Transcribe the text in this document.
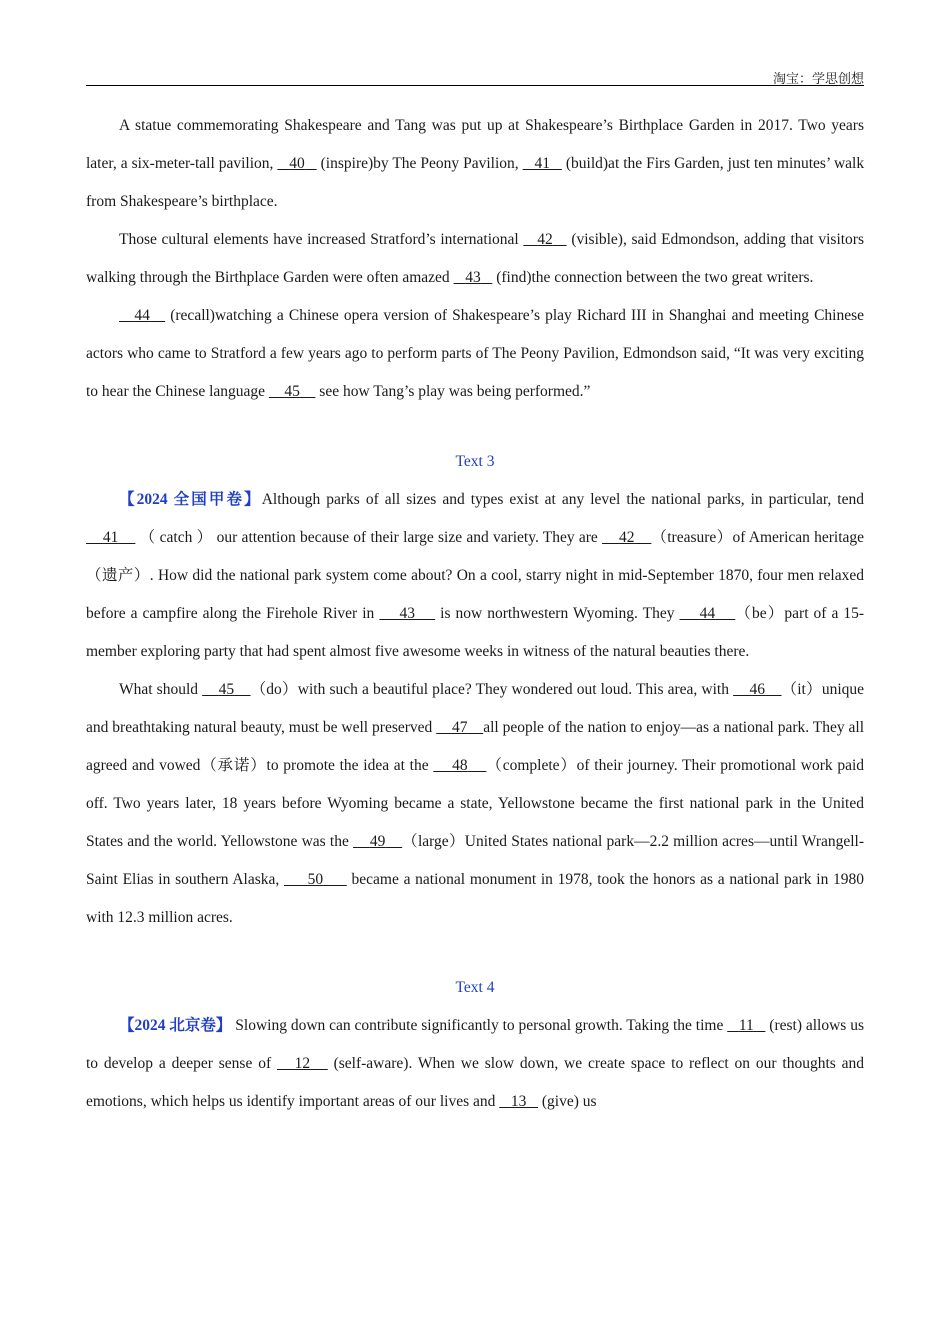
淘宝：学思创想

A statue commemorating Shakespeare and Tang was put up at Shakespeare’s Birthplace Garden in 2017. Two years later, a six-meter-tall pavilion, 40 (inspire)by The Peony Pavilion, 41 (build)at the Firs Garden, just ten minutes’ walk from Shakespeare’s birthplace.

Those cultural elements have increased Stratford’s international 42 (visible), said Edmondson, adding that visitors walking through the Birthplace Garden were often amazed 43 (find)the connection between the two great writers.

44 (recall)watching a Chinese opera version of Shakespeare’s play Richard III in Shanghai and meeting Chinese actors who came to Stratford a few years ago to perform parts of The Peony Pavilion, Edmondson said, “It was very exciting to hear the Chinese language 45 see how Tang’s play was being performed.”

Text 3

【2024 全国甲卷】Although parks of all sizes and types exist at any level the national parks, in particular, tend     41 （ catch ） our attention because of their large size and variety. They are 42 （treasure）of American heritage（遗产）. How did the national park system come about? On a cool, starry night in mid-September 1870, four men relaxed before a campfire along the Firehole River in 43 is now northwestern Wyoming. They 44 （be）part of a 15-member exploring party that had spent almost five awesome weeks in witness of the natural beauties there.

What should 45 （do）with such a beautiful place? They wondered out loud. This area, with 46 （it）unique and breathtaking natural beauty, must be well preserved 47 all people of the nation to enjoy—as a national park. They all agreed and vowed（承诺）to promote the idea at the 48 （complete）of their journey. Their promotional work paid off. Two years later, 18 years before Wyoming became a state, Yellowstone became the first national park in the United States and the world. Yellowstone was the 49 （large）United States national park—2.2 million acres—until Wrangell-Saint Elias in southern Alaska, 50 became a national monument in 1978, took the honors as a national park in 1980 with 12.3 million acres.

Text 4

【2024 北京卷】 Slowing down can contribute significantly to personal growth. Taking the time 11 (rest) allows us to develop a deeper sense of 12 (self-aware). When we slow down, we create space to reflect on our thoughts and emotions, which helps us identify important areas of our lives and 13 (give) us
